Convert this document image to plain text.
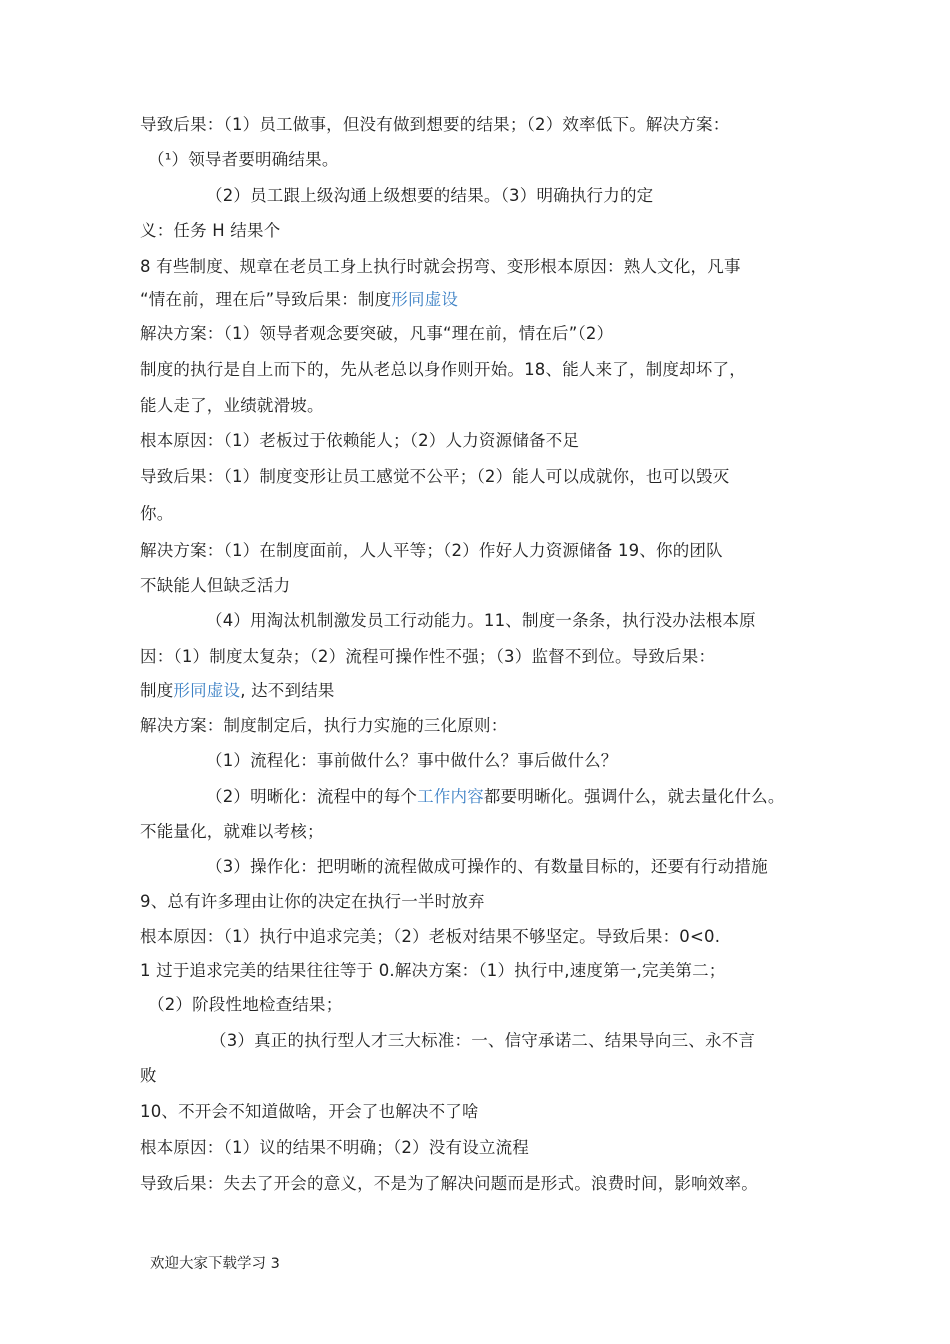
导致后果：（1）员工做事，但没有做到想要的结果；（2）效率低下。解决方案：
（¹）领导者要明确结果。
（2）员工跟上级沟通上级想要的结果。（3）明确执行力的定
义：任务 H 结果个
8 有些制度、规章在老员工身上执行时就会拐弯、变形根本原因：熟人文化，凡事
“情在前，理在后”导致后果：制度形同虚设
解决方案：（1）领导者观念要突破，凡事“理在前，情在后”（2）
制度的执行是自上而下的，先从老总以身作则开始。18、能人来了，制度却坏了，
能人走了，业绩就滑坡。
根本原因：（1）老板过于依赖能人；（2）人力资源储备不足
导致后果：（1）制度变形让员工感觉不公平；（2）能人可以成就你，也可以毁灭
你。
解决方案：（1）在制度面前，人人平等；（2）作好人力资源储备 19、你的团队
不缺能人但缺乏活力
（4）用淘汰机制激发员工行动能力。11、制度一条条，执行没办法根本原
因：（1）制度太复杂；（2）流程可操作性不强；（3）监督不到位。导致后果：
制度形同虚设, 达不到结果
解决方案：制度制定后，执行力实施的三化原则：
（1）流程化：事前做什么？事中做什么？事后做什么？
（2）明晰化：流程中的每个工作内容都要明晰化。强调什么，就去量化什么。
不能量化，就难以考核；
（3）操作化：把明晰的流程做成可操作的、有数量目标的，还要有行动措施
9、总有许多理由让你的决定在执行一半时放弃
根本原因：（1）执行中追求完美；（2）老板对结果不够坚定。导致后果：0<0.
1 过于追求完美的结果往往等于 0.解决方案：（1）执行中,速度第一,完美第二；
（2）阶段性地检查结果；
（3）真正的执行型人才三大标准：一、信守承诺二、结果导向三、永不言
败
10、不开会不知道做啥，开会了也解决不了啥
根本原因：（1）议的结果不明确；（2）没有设立流程
导致后果：失去了开会的意义，不是为了解决问题而是形式。浪费时间，影响效率。
欢迎大家下载学习 3
